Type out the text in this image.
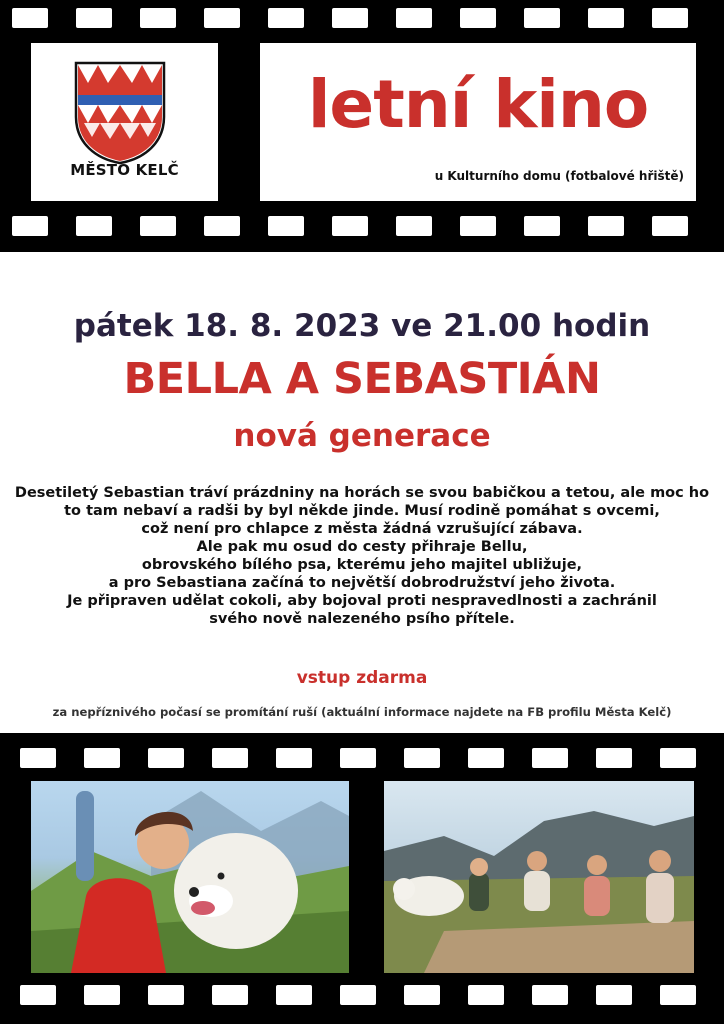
MĚSTO KELČ
letní kino
u Kulturního domu (fotbalové hřiště)
pátek 18. 8. 2023 ve 21.00 hodin
BELLA A SEBASTIÁN
nová generace
Desetiletý Sebastian tráví prázdniny na horách se svou babičkou a tetou, ale moc ho
to tam nebaví a radši by byl někde jinde. Musí rodině pomáhat s ovcemi,
což není pro chlapce z města žádná vzrušující zábava.
Ale pak mu osud do cesty přihraje Bellu,
obrovského bílého psa, kterému jeho majitel ubližuje,
a pro Sebastiana začíná to největší dobrodružství jeho života.
Je připraven udělat cokoli, aby bojoval proti nespravedlnosti a zachránil
svého nově nalezeného psího přítele.
vstup zdarma
za nepříznivého počasí se promítání ruší (aktuální informace najdete na FB profilu Města Kelč)
